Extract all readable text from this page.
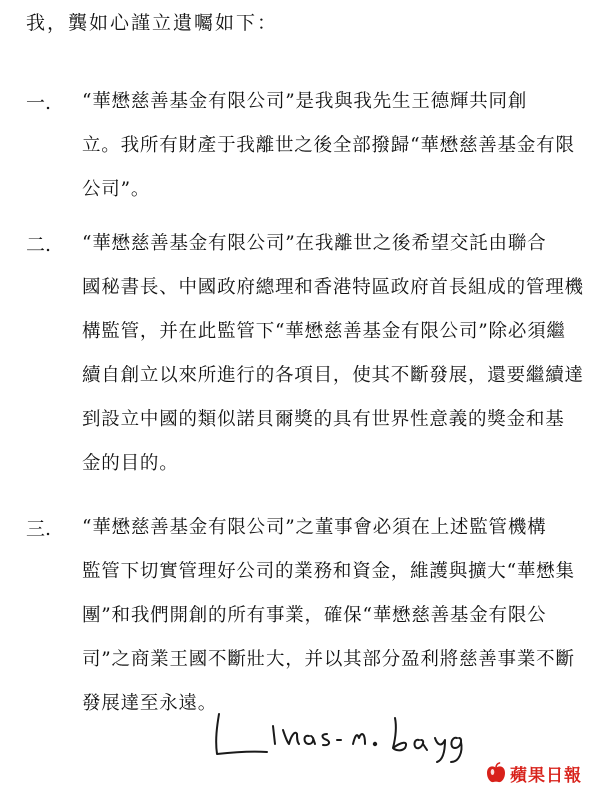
我，龔如心謹立遺囑如下：
一.	“華懋慈善基金有限公司”是我與我先生王德輝共同創
立。我所有財產于我離世之後全部撥歸“華懋慈善基金有限
公司”。
二.	“華懋慈善基金有限公司”在我離世之後希望交託由聯合
國秘書長、中國政府總理和香港特區政府首長組成的管理機
構監管，并在此監管下“華懋慈善基金有限公司”除必須繼
續自創立以來所進行的各項目，使其不斷發展，還要繼續達
到設立中國的類似諾貝爾獎的具有世界性意義的獎金和基
金的目的。
三.	“華懋慈善基金有限公司”之董事會必須在上述監管機構
監管下切實管理好公司的業務和資金，維護與擴大“華懋集
團”和我們開創的所有事業，確保“華懋慈善基金有限公
司”之商業王國不斷壯大，并以其部分盈利將慈善事業不斷
發展達至永遠。
蘋果日報
